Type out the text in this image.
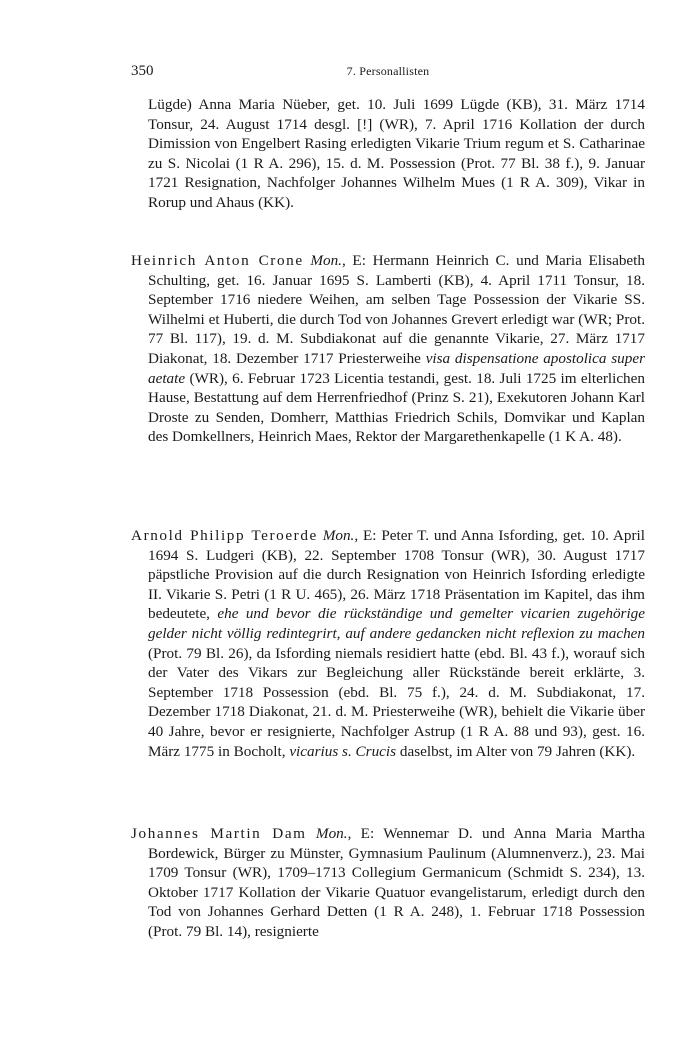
350	7. Personallisten
Lügde) Anna Maria Nüeber, get. 10. Juli 1699 Lügde (KB), 31. März 1714 Tonsur, 24. August 1714 desgl. [!] (WR), 7. April 1716 Kollation der durch Dimission von Engelbert Rasing erledigten Vikarie Trium regum et S. Catharinae zu S. Nicolai (1 R A. 296), 15. d. M. Possession (Prot. 77 Bl. 38 f.), 9. Januar 1721 Resignation, Nachfolger Johannes Wilhelm Mues (1 R A. 309), Vikar in Rorup und Ahaus (KK).
Heinrich Anton Crone Mon., E: Hermann Heinrich C. und Maria Elisabeth Schulting, get. 16. Januar 1695 S. Lamberti (KB), 4. April 1711 Tonsur, 18. September 1716 niedere Weihen, am selben Tage Possession der Vikarie SS. Wilhelmi et Huberti, die durch Tod von Johannes Grevert erledigt war (WR; Prot. 77 Bl. 117), 19. d. M. Subdiakonat auf die genannte Vikarie, 27. März 1717 Diakonat, 18. Dezember 1717 Priesterweihe visa dispensatione apostolica super aetate (WR), 6. Februar 1723 Licentia testandi, gest. 18. Juli 1725 im elterlichen Hause, Bestattung auf dem Herrenfriedhof (Prinz S. 21), Exekutoren Johann Karl Droste zu Senden, Domherr, Matthias Friedrich Schils, Domvikar und Kaplan des Domkellners, Heinrich Maes, Rektor der Margarethenkapelle (1 K A. 48).
Arnold Philipp Teroerde Mon., E: Peter T. und Anna Isfording, get. 10. April 1694 S. Ludgeri (KB), 22. September 1708 Tonsur (WR), 30. August 1717 päpstliche Provision auf die durch Resignation von Heinrich Isfording erledigte II. Vikarie S. Petri (1 R U. 465), 26. März 1718 Präsentation im Kapitel, das ihm bedeutete, ehe und bevor die rückständige und gemelter vicarien zugehörige gelder nicht völlig redintegrirt, auf andere gedancken nicht reflexion zu machen (Prot. 79 Bl. 26), da Isfording niemals residiert hatte (ebd. Bl. 43 f.), worauf sich der Vater des Vikars zur Begleichung aller Rückstände bereit erklärte, 3. September 1718 Possession (ebd. Bl. 75 f.), 24. d. M. Subdiakonat, 17. Dezember 1718 Diakonat, 21. d. M. Priesterweihe (WR), behielt die Vikarie über 40 Jahre, bevor er resignierte, Nachfolger Astrup (1 R A. 88 und 93), gest. 16. März 1775 in Bocholt, vicarius s. Crucis daselbst, im Alter von 79 Jahren (KK).
Johannes Martin Dam Mon., E: Wennemar D. und Anna Maria Martha Bordewick, Bürger zu Münster, Gymnasium Paulinum (Alumnenverz.), 23. Mai 1709 Tonsur (WR), 1709–1713 Collegium Germanicum (Schmidt S. 234), 13. Oktober 1717 Kollation der Vikarie Quatuor evangelistarum, erledigt durch den Tod von Johannes Gerhard Detten (1 R A. 248), 1. Februar 1718 Possession (Prot. 79 Bl. 14), resignierte
